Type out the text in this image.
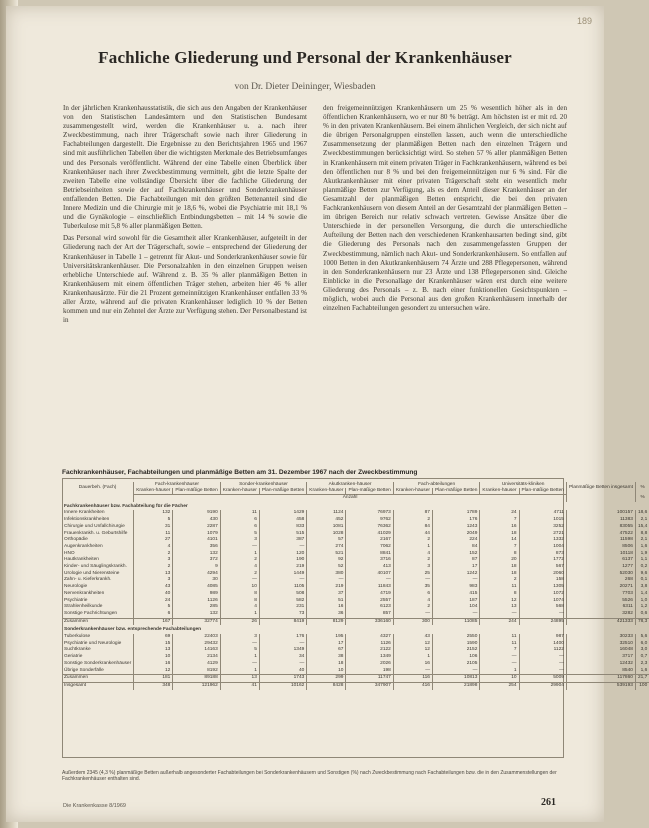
189
Fachliche Gliederung und Personal der Krankenhäuser
von Dr. Dieter Deininger, Wiesbaden

In der jährlichen Krankenhausstatistik, die sich aus den Angaben der Krankenhäuser von den Statistischen Landesämtern und den Statistischen Bundesamt zusammengestellt wird, werden die Krankenhäuser u. a. nach ihrer Zweckbestimmung, nach ihrer Trägerschaft sowie nach ihrer Gliederung in Fachabteilungen dargestellt. Die Ergebnisse zu den Berichtsjahren 1965 und 1967 sind mit ausführlichen Tabellen über die wichtigsten Merkmale des Betriebsumfanges und des Personals veröffentlicht. Während der eine Tabelle einen Überblick über Krankenhäuser nach ihrer Zweckbestimmung vermittelt, gibt die letzte Spalte der zweiten Tabelle eine vollständige Übersicht über die fachliche Gliederung der Betriebseinheiten sowie der auf Fachkrankenhäuser und Sonderkrankenhäuser entfallenden Betten. Die Fachabteilungen mit den größten Bettenanteil sind die Innere Medizin und die Chirurgie mit je 18,6 %, wobei die Psychiatrie mit 18,1 % und die Gynäkologie – einschließlich Entbindungsbetten – mit 14 % sowie die Tuberkulose mit 5,8 % aller planmäßigen Betten.

Das Personal wird sowohl für die Gesamtheit aller Krankenhäuser, aufgeteilt in der Gliederung nach der Art der Trägerschaft, sowie – entsprechend der Gliederung der Krankenhäuser in Tabelle 1 – getrennt für Akut- und Sonderkrankenhäuser sowie für Universitätskrankenhäuser. Die Personalzahlen in den einzelnen Gruppen weisen erhebliche Unterschiede auf. Während z. B. 35 % aller planmäßigen Betten in Krankenhäusern mit einem öffentlichen Träger stehen, arbeiten hier 46 % aller Krankenhausärzte. Für die 21 Prozent gemeinnützigen Krankenhäuser entfallen 33 % aller Ärzte, während auf die privaten Krankenhäuser lediglich 10 % der Betten kommen und nur ein Zehntel der Ärzte zur Verfügung stehen. Der Personalbestand ist in

den freigemeinnützigen Krankenhäusern um 25 % wesentlich höher als in den öffentlichen Krankenhäusern, wo er nur 80 % beträgt. Am höchsten ist er mit rd. 20 % in den privaten Krankenhäusern. Bei einem ähnlichen Vergleich, der sich nicht auf die übrigen Personalgruppen einstellen lassen, auch wenn die unterschiedliche Zusammensetzung der planmäßigen Betten nach den einzelnen Trägern und Zweckbestimmungen berücksichtigt wird. So stehen 57 % aller planmäßigen Betten in Krankenhäusern mit einem privaten Träger in Fachkrankenhäusern, während es bei den öffentlichen nur 8 % und bei den freigemeinnützigen nur 6 % sind. Für die Akutkrankenhäuser mit einer privaten Trägerschaft steht ein wesentlich mehr planmäßige Betten zur Verfügung, als es dem Anteil dieser Krankenhäuser an der Gesamtzahl der planmäßigen Betten entspricht, die bei den privaten Fachkrankenhäusern von diesem Anteil an der Gesamtzahl der planmäßigen Betten – im übrigen Bereich nur relativ schwach vertreten. Gewisse Ansätze über die Unterschiede in der personellen Versorgung, die durch die unterschiedliche Aufteilung der Betten nach den verschiedenen Krankenhausarten bedingt sind, gibt die Gliederung des Personals nach den zusammengefassten Gruppen der Zweckbestimmung, nämlich nach Akut- und Sonderkrankenhäusern. So entfallen auf 1000 Betten in den Akutkrankenhäusern 74 Ärzte und 288 Pflegepersonen, während in den Sonderkrankenhäusern nur 23 Ärzte und 138 Pflegepersonen sind. Gleiche Einblicke in die Personallage der Krankenhäuser wären erst durch eine weitere Gliederung des Personals – z. B. nach einer funktionellen Gesichtspunkten – möglich, wobei auch die Personal aus den großen Krankenhäusern innerhalb der einzelnen Fachabteilungen gesondert zu untersuchen wäre.

Fachkrankenhäuser, Fachabteilungen und planmäßige Betten am 31. Dezember 1967 nach der Zweckbestimmung
Dauerbeh. (Fach)	Fach-krankenhäuser		Sonder-krankenhäuser		Akutkranken-häuser		Fach-abteilungen		Universitäts-kliniken		Planmäßige Betten insgesamt	%
	Kranken-häuser	Plan-mäßige Betten	Kranken-häuser	Plan-mäßige Betten	Kranken-häuser	Plan-mäßige Betten	Kranken-häuser	Plan-mäßige Betten	Kranken-häuser	Plan-mäßige Betten		
	Anzahl											%
Fachkrankenhäuser bzw. Fachabteilung für die Fächer												
Innere Krankheiten	132	9190	11	1429	1124	76973	87	1789	24	4711	100157	18,6
Infektionskrankheiten	5	430	6	458	452	9762	2	176	7	1015	11383	2,1
Chirurgie und Unfallchirurgie	31	2287	6	833	1081	76362	84	1243	16	3252	83055	15,4
Frauenkrankh. u. Geburtshilfe	11	1079	5	515	1028	41029	44	2049	18	2721	47522	8,8
Orthopädie	27	4101	3	387	57	2167	2	224	14	1332	11598	2,1
Augenkrankheiten	4	356	—	—	274	7062	1	84	7	1004	8506	1,6
HNO	2	132	1	120	521	8841	4	152	8	873	10118	1,9
Hautkrankheiten	3	372	2	190	92	3716	2	87	20	1772	6137	1,1
Kinder- und Säuglingskrankh.	2	9	4	219	52	413	3	17	18	567	1277	0,2
Urologie und Nierensteine	13	4294	2	1449	380	40107	25	1242	18	2060	52030	9,6
Zahn- u. Kieferkrankh.	3	30	—	—	—	—	—	—	2	158	268	0,1
Neurologie	43	4085	10	1105	219	11843	35	983	11	1305	20271	3,8
Nervenkrankheiten	40	989	8	508	37	4719	6	415	8	1072	7703	1,4
Psychiatrie	24	1126	8	582	51	2557	4	187	12	1074	5526	1,0
Strahlenheilkunde	5	285	4	231	16	6123	2	104	13	568	6311	1,2
Sonstige Fachrichtungen	6	132	1	73	36	857	—	—	—	—	3282	0,6
Zusammen	167	32774	26	8419	8129	336160	300	11085	244	24895	421333	78,3
Sonderkrankenhäuser bzw. entsprechende Fachabteilungen												
Tuberkulose	69	22403	3	176	195	4327	43	2550	11	987	30233	5,6
Psychiatrie und Neurologie	15	29432	—	—	17	1126	12	1590	11	1400	32510	6,0
Suchtkranke	13	14163	5	1349	67	2122	12	2152	7	1122	16048	3,0
Geriatrie	10	2134	1	34	38	1349	1	106	—	—	3717	0,7
Sonstige Sonderkrankenhäuser	16	4129	—	—	18	2026	16	2105	—	—	12432	2,3
Übrige Sonderfälle	12	8192	1	40	10	198	—	—	1	—	8540	1,6
Zusammen	181	89188	13	1743	299	11747	116	10813	10	5009	117860	21,7
Insgesamt	348	121962	41	10162	8428	347907	416	21898	254	29904	539193	100
Außerdem 2345 (4,3 %) planmäßige Betten außerhalb angesonderter Fachabteilungen bei Sonderkrankenhäusern und Sonstigen (%) nach Zweckbestimmung nach Fachabteilungen bzw. die in den Zusammenstellungen der Fachkrankenhäuser enthalten sind.
Die Krankenkasse 8/1969	261
